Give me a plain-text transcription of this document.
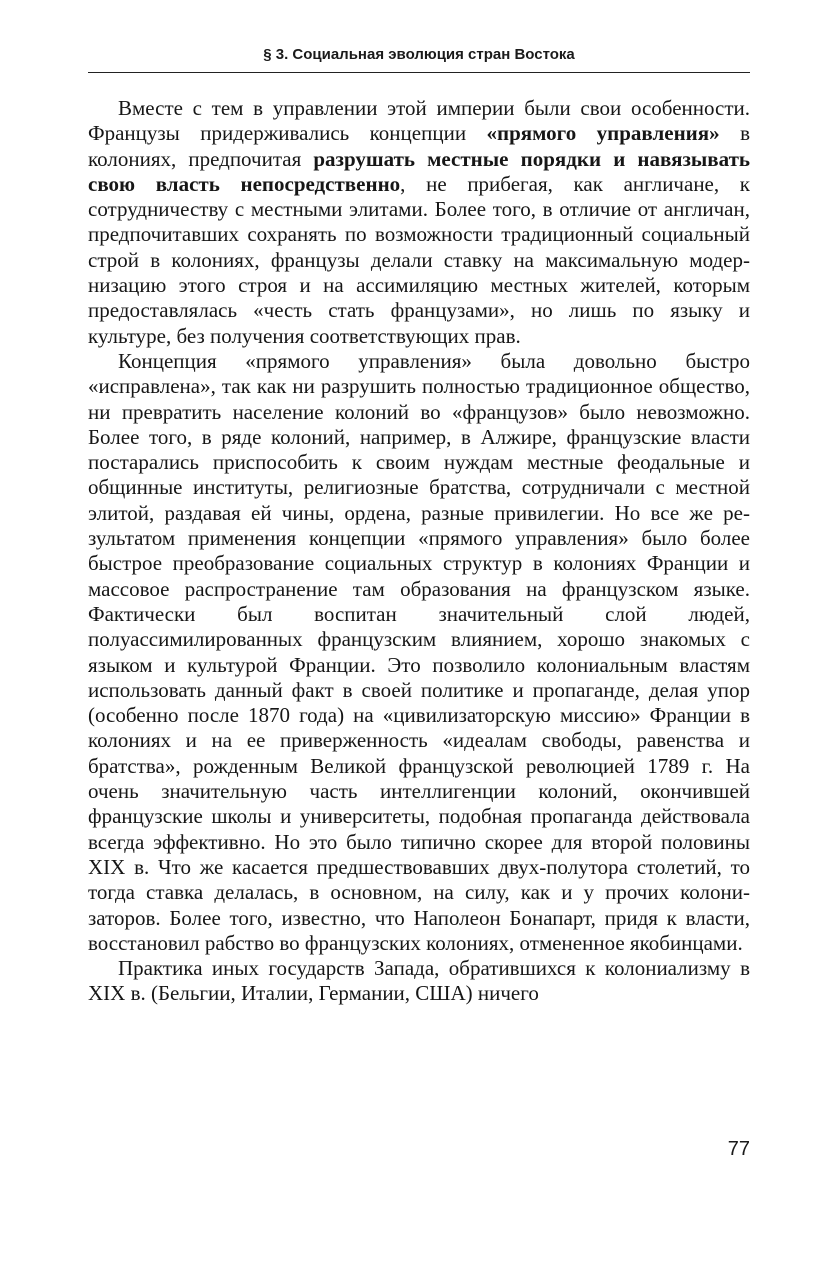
§ 3. Социальная эволюция стран Востока

Вместе с тем в управлении этой империи были свои особенности. Французы придерживались концепции «прямого управления» в колониях, предпочитая разрушать местные порядки и навязывать свою власть непосредственно, не прибегая, как англичане, к сотрудничеству с местными элитами. Более того, в отличие от англичан, предпочитавших сохранять по возможности традиционный социальный строй в колониях, французы делали ставку на максимальную модернизацию этого строя и на ассимиляцию местных жителей, которым предоставлялась «честь стать французами», но лишь по языку и культуре, без получения соответствующих прав.

Концепция «прямого управления» была довольно быстро «исправлена», так как ни разрушить полностью традиционное общество, ни превратить население колоний во «французов» было невозможно. Более того, в ряде колоний, например, в Алжире, французские власти постарались приспособить к своим нуждам местные феодальные и общинные институты, религиозные братства, сотрудничали с местной элитой, раздавая ей чины, ордена, разные привилегии. Но все же результатом применения концепции «прямого управления» было более быстрое преобразование социальных структур в колониях Франции и массовое распространение там образования на французском языке. Фактически был воспитан значительный слой людей, полуассимилированных французским влиянием, хорошо знакомых с языком и культурой Франции. Это позволило колониальным властям использовать данный факт в своей политике и пропаганде, делая упор (особенно после 1870 года) на «цивилизаторскую миссию» Франции в колониях и на ее приверженность «идеалам свободы, равенства и братства», рожденным Великой французской революцией 1789 г. На очень значительную часть интеллигенции колоний, окончившей французские школы и университеты, подобная пропаганда действовала всегда эффективно. Но это было типично скорее для второй половины XIX в. Что же касается предшествовавших двух-полутора столетий, то тогда ставка делалась, в основном, на силу, как и у прочих колонизаторов. Более того, известно, что Наполеон Бонапарт, придя к власти, восстановил рабство во французских колониях, отмененное якобинцами.

Практика иных государств Запада, обратившихся к колониализму в XIX в. (Бельгии, Италии, Германии, США) ничего

77
